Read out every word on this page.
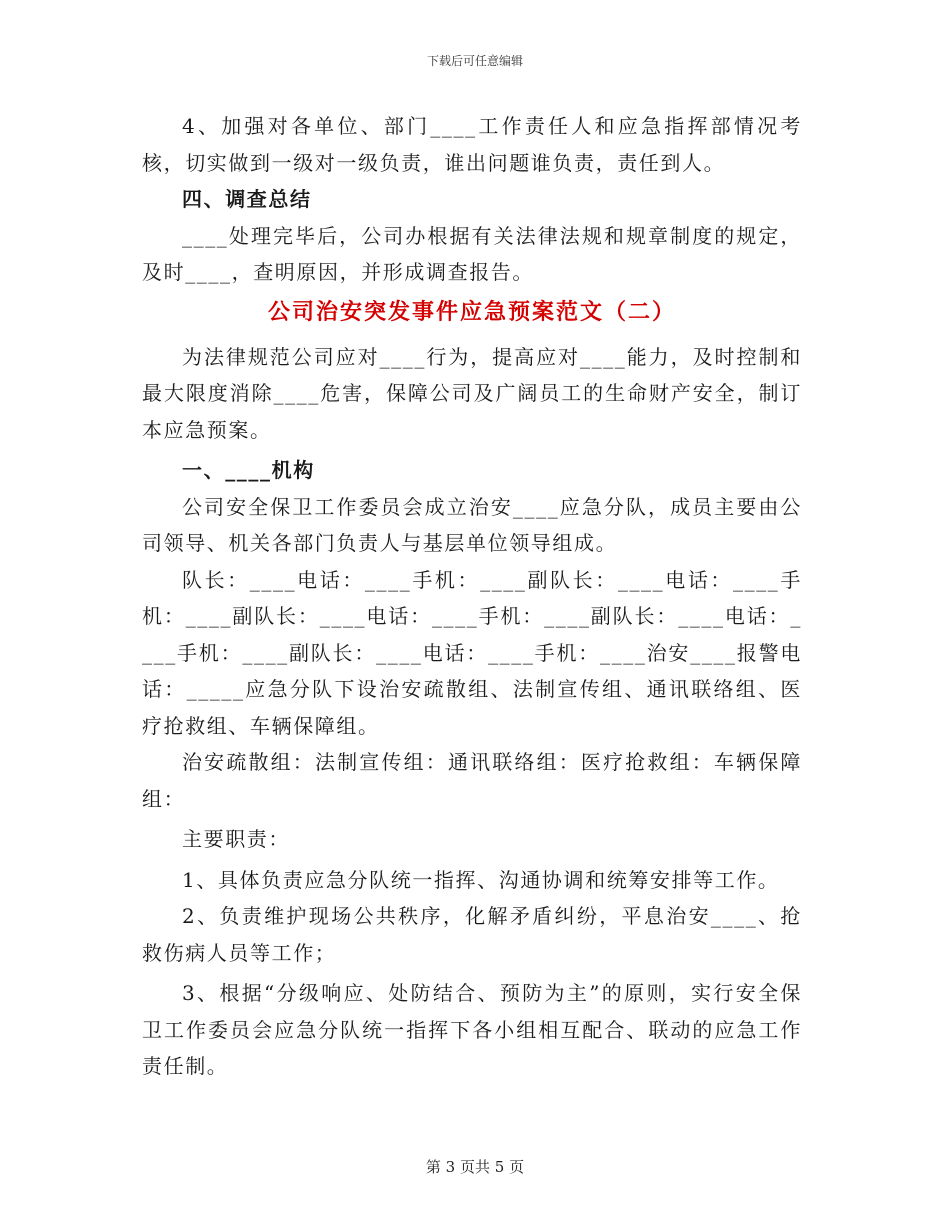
下载后可任意编辑

4、加强对各单位、部门____工作责任人和应急指挥部情况考核，切实做到一级对一级负责，谁出问题谁负责，责任到人。

四、调查总结

____处理完毕后，公司办根据有关法律法规和规章制度的规定，及时____，查明原因，并形成调查报告。

公司治安突发事件应急预案范文（二）

为法律规范公司应对____行为，提高应对____能力，及时控制和最大限度消除____危害，保障公司及广阔员工的生命财产安全，制订本应急预案。

一、____机构

公司安全保卫工作委员会成立治安____应急分队，成员主要由公司领导、机关各部门负责人与基层单位领导组成。

队长：____电话：____手机：____副队长：____电话：____手机：____副队长：____电话：____手机：____副队长：____电话：____手机：____副队长：____电话：____手机：____治安____报警电话：_____应急分队下设治安疏散组、法制宣传组、通讯联络组、医疗抢救组、车辆保障组。

治安疏散组：法制宣传组：通讯联络组：医疗抢救组：车辆保障组：

主要职责：

1、具体负责应急分队统一指挥、沟通协调和统筹安排等工作。

2、负责维护现场公共秩序，化解矛盾纠纷，平息治安____、抢救伤病人员等工作；

3、根据“分级响应、处防结合、预防为主”的原则，实行安全保卫工作委员会应急分队统一指挥下各小组相互配合、联动的应急工作责任制。

第 3 页共 5 页
